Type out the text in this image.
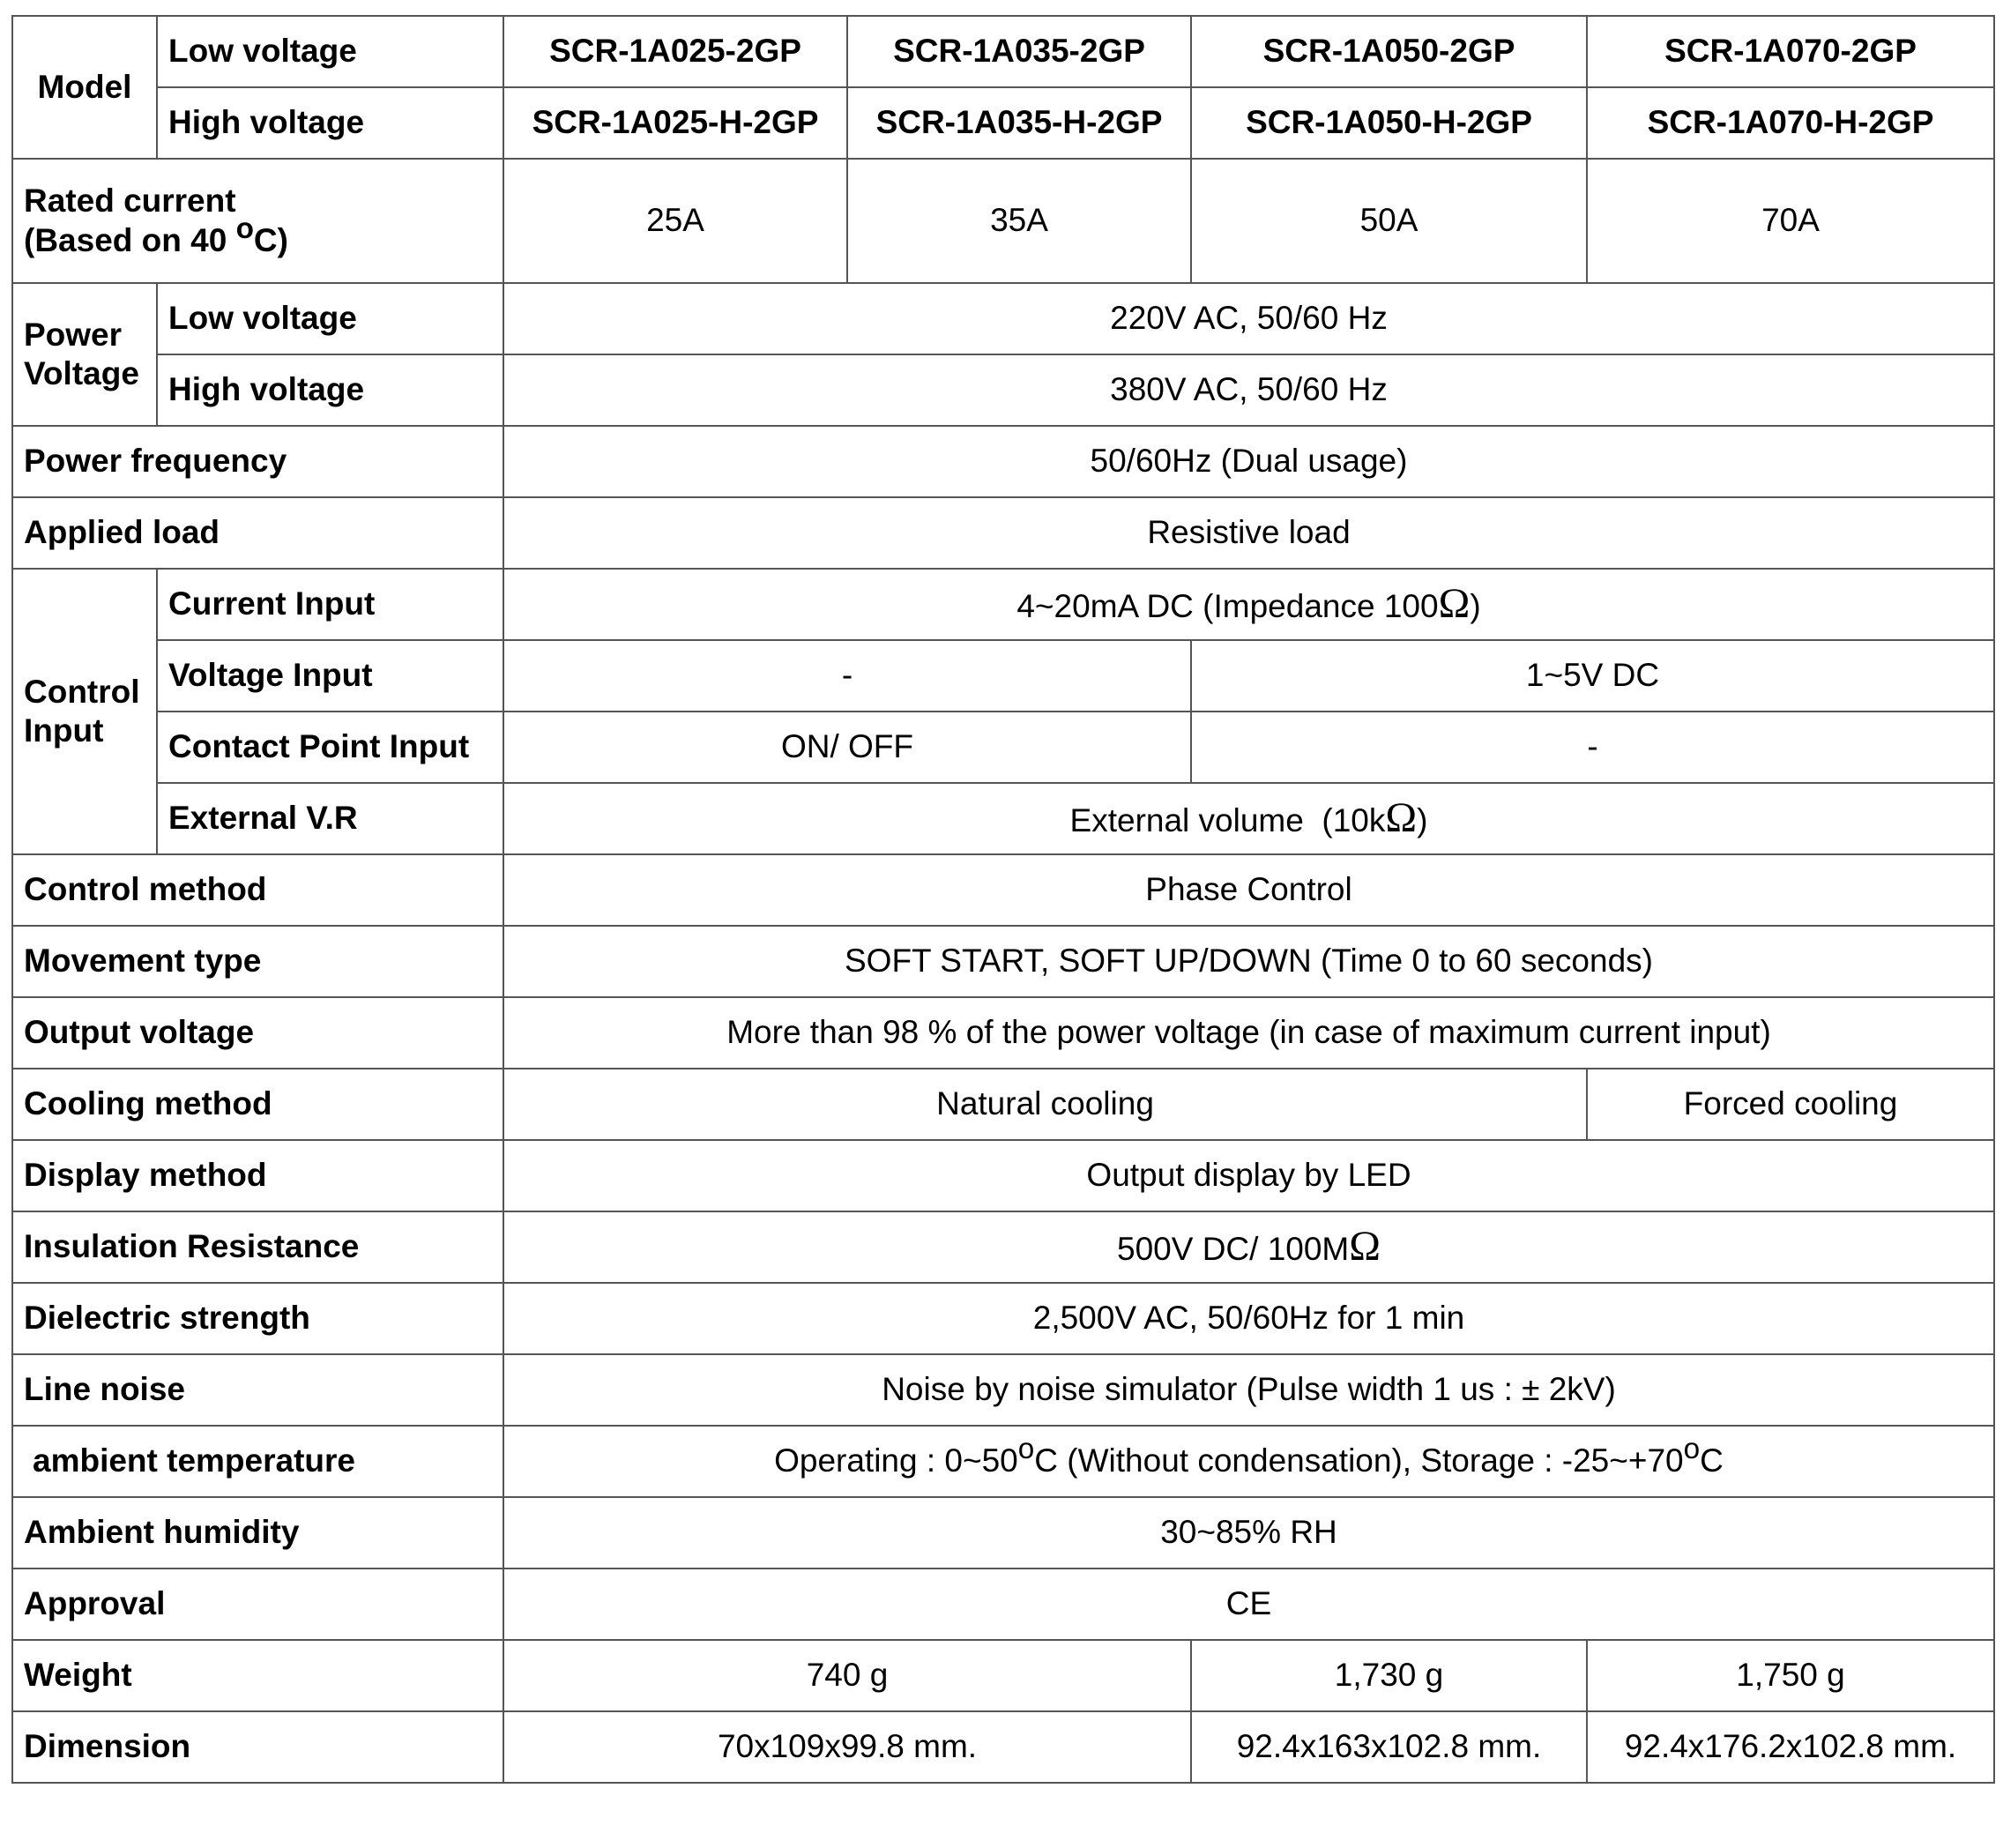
Model	Low voltage	SCR-1A025-2GP	SCR-1A035-2GP	SCR-1A050-2GP	SCR-1A070-2GP
	High voltage	SCR-1A025-H-2GP	SCR-1A035-H-2GP	SCR-1A050-H-2GP	SCR-1A070-H-2GP
Rated current
(Based on 40 oC)		25A	35A	50A	70A
Power
Voltage	Low voltage	220V AC, 50/60 Hz			
	High voltage	380V AC, 50/60 Hz			
Power frequency		50/60Hz (Dual usage)			
Applied load		Resistive load			
Control
Input	Current Input	4~20mA DC (Impedance 100Ω)			
	Voltage Input	-		1~5V DC	
	Contact Point Input	ON/ OFF		-	
	External V.R	External volume  (10kΩ)			
Control method		Phase Control			
Movement type		SOFT START, SOFT UP/DOWN (Time 0 to 60 seconds)			
Output voltage		More than 98 % of the power voltage (in case of maximum current input)			
Cooling method		Natural cooling			Forced cooling
Display method		Output display by LED			
Insulation Resistance		500V DC/ 100MΩ			
Dielectric strength		2,500V AC, 50/60Hz for 1 min			
Line noise		Noise by noise simulator (Pulse width 1 us : ± 2kV)			
ambient temperature		Operating : 0~50oC (Without condensation), Storage : -25~+70oC			
Ambient humidity		30~85% RH			
Approval		CE			
Weight		740 g		1,730 g	1,750 g
Dimension		70x109x99.8 mm.		92.4x163x102.8 mm.	92.4x176.2x102.8 mm.
